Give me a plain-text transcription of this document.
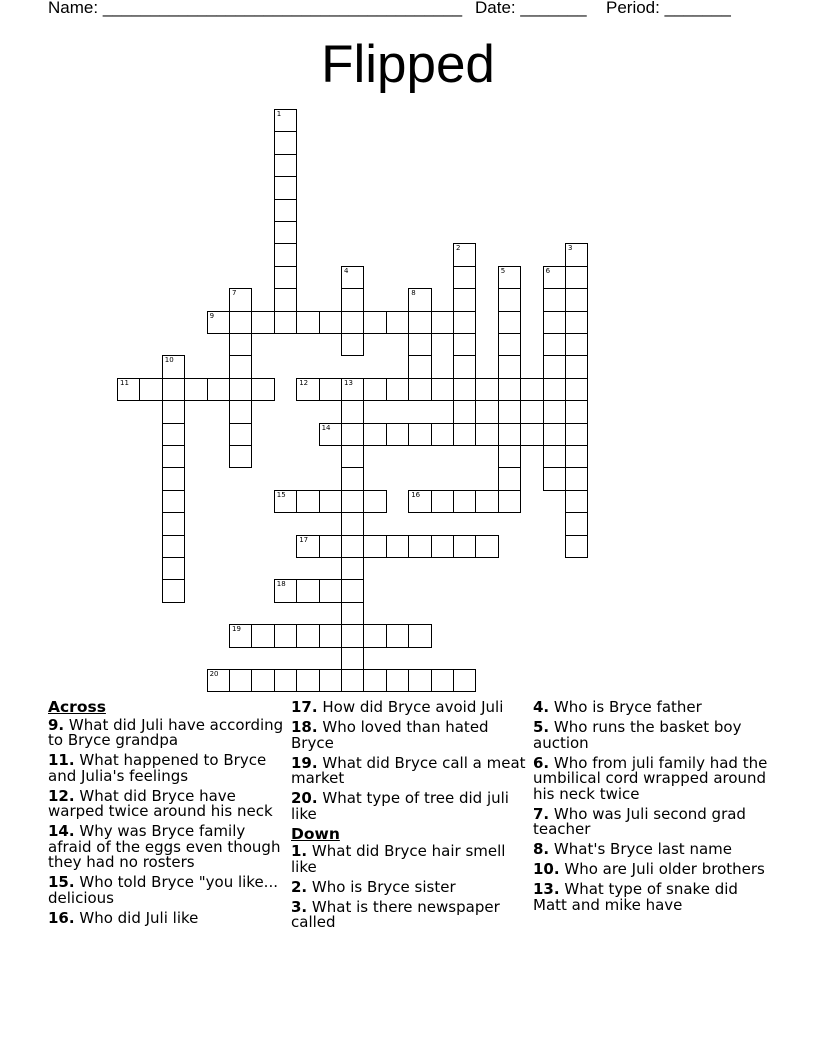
Name: ______________________________________ Date: _______ Period: _______
Flipped
1
2	3
4	5	6
7	8
9
10
11	12	13
14
15	16
17
18
19
20
Across
9. What did Juli have according to Bryce grandpa
11. What happened to Bryce and Julia's feelings
12. What did Bryce have warped twice around his neck
14. Why was Bryce family afraid of the eggs even though they had no rosters
15. Who told Bryce "you like... delicious
16. Who did Juli like
17. How did Bryce avoid Juli
18. Who loved than hated Bryce
19. What did Bryce call a meat market
20. What type of tree did juli like
Down
1. What did Bryce hair smell like
2. Who is Bryce sister
3. What is there newspaper called
4. Who is Bryce father
5. Who runs the basket boy auction
6. Who from juli family had the umbilical cord wrapped around his neck twice
7. Who was Juli second grad teacher
8. What's Bryce last name
10. Who are Juli older brothers
13. What type of snake did Matt and mike have
